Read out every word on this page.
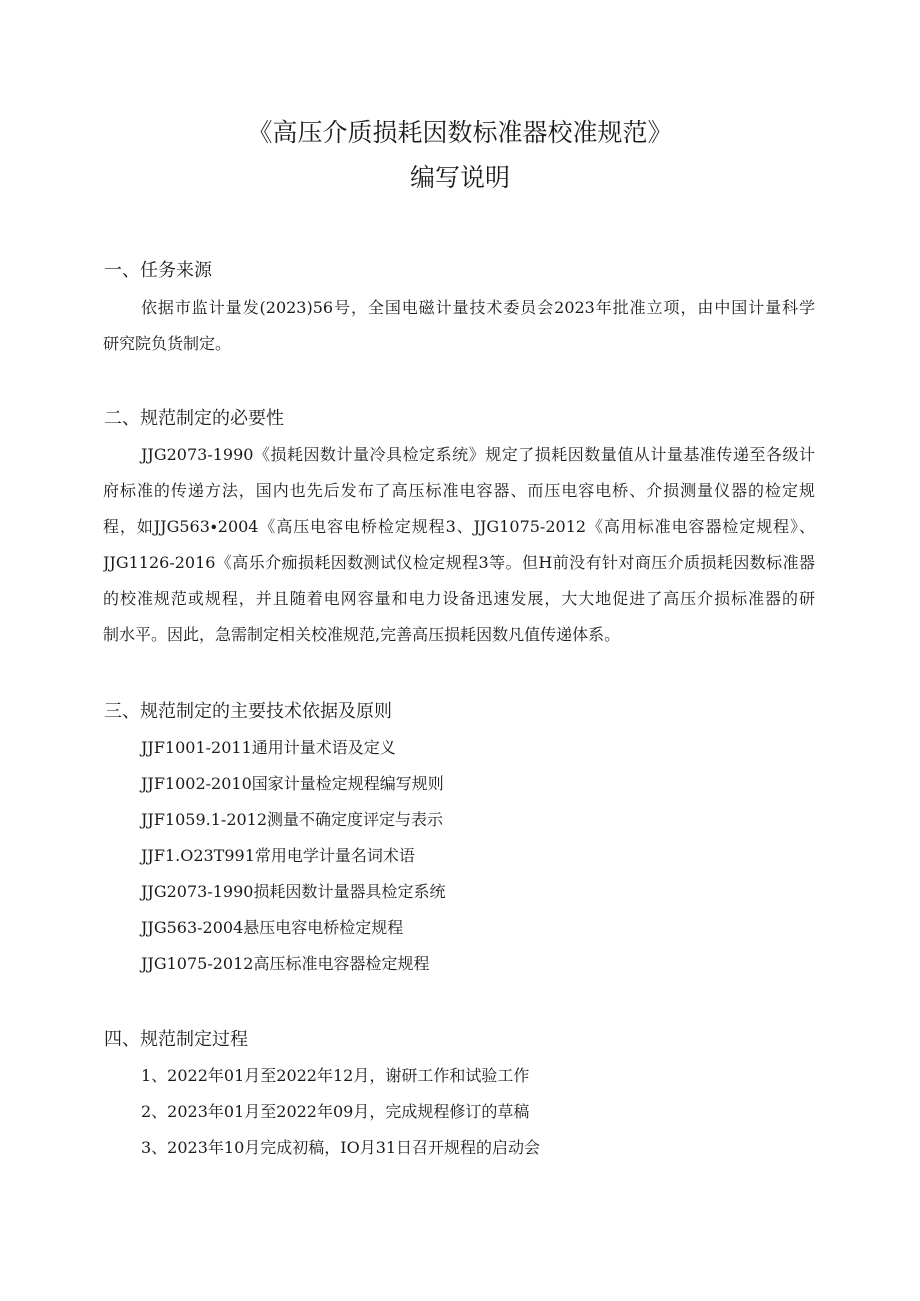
《高压介质损耗因数标准器校准规范》
编写说明
一、任务来源

依据市监计量发(2023)56号，全国电磁计量技术委员会2023年批准立项，由中国计量科学
研究院负货制定。

二、规范制定的必要性

JJG2073-1990《损耗因数计量冷具检定系统》规定了损耗因数量值从计量基准传递至各级计
府标准的传递方法，国内也先后发布了高压标准电容器、而压电容电桥、介损测量仪器的检定规
程，如JJG563∙2004《高压电容电桥检定规程3、JJG1075-2012《高用标准电容器检定规程》、
JJG1126-2016《高乐介痂损耗因数测试仪检定规程3等。但H前没有针对商压介质损耗因数标准器
的校准规范或规程，并且随着电网容量和电力设备迅速发展，大大地促进了高压介损标准器的研
制水平。因此，急需制定相关校准规范,完善高压损耗因数凡值传递体系。

三、规范制定的主要技术依据及原则
JJF1001-2011通用计量术语及定义
JJF1002-2010国家计量检定规程编写规则
JJF1059.1-2012测量不确定度评定与表示
JJF1.O23T991常用电学计量名词术语
JJG2073-1990损耗因数计量器具检定系统
JJG563-2004悬压电容电桥检定规程
JJG1075-2012高压标准电容器检定规程
四、规范制定过程
1、2022年01月至2022年12月，谢研工作和试验工作
2、2023年01月至2022年09月，完成规程修订的草稿
3、2023年10月完成初稿，IO月31日召开规程的启动会
